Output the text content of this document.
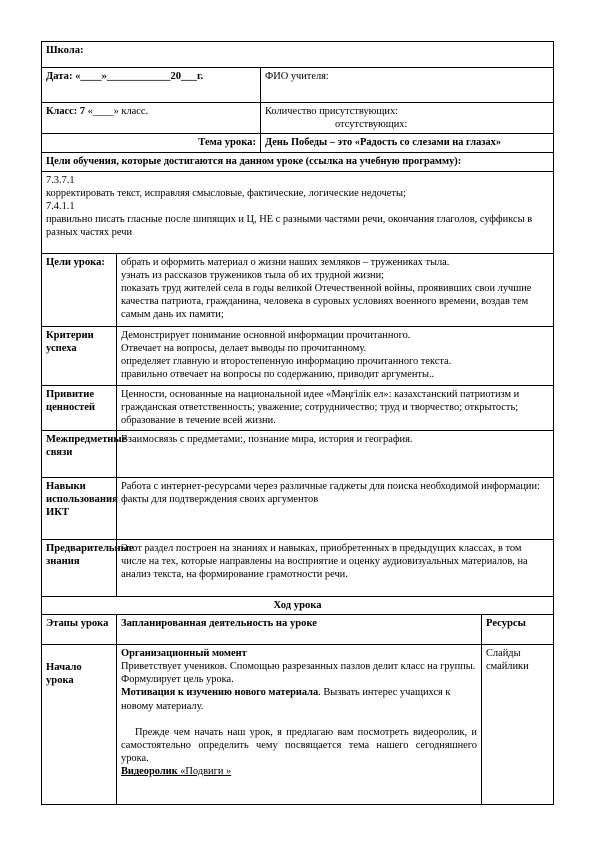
Школа:			
Дата: «____»____________20___г.		ФИО учителя:	
Класс: 7 «____» класс.		Количество присутствующих:
отсутствующих:	

Тема урока:		День Победы – это «Радость со слезами на глазах»	
Цели обучения, которые достигаются на данном уроке (ссылка на учебную программу):			

7.3.7.1
корректировать текст, исправляя смысловые, фактические, логические недочеты;
7.4.1.1
правильно писать гласные после шипящих и Ц, НЕ с разными частями речи, окончания глаголов, суффиксы в разных частях речи			

Цели урока:	обрать и оформить материал о жизни наших земляков – тружениках тыла.
узнать из рассказов тружеников тыла об их трудной жизни;
показать труд жителей села в годы великой Отечественной войны, проявивших свои лучшие качества патриота, гражданина, человека в суровых условиях военного времени, воздав тем самым дань их памяти;		

Критерии успеха	Демонстрирует понимание основной информации прочитанного.
Отвечает на вопросы, делает выводы по прочитанному.
определяет главную и второстепенную информацию прочитанного текста.
правильно отвечает на вопросы по содержанию, приводит аргументы..		

Привитие ценностей	Ценности, основанные на национальной идее «Мәңгілік ел»: казахстанский патриотизм и гражданская ответственность; уважение; сотрудничество; труд и творчество; открытость; образование в течение всей жизни.		
Межпредметные связи	Взаимосвязь с предметами:, познание мира, история и география.		
Навыки использования ИКТ	Работа с интернет-ресурсами через различные гаджеты для поиска необходимой информации: факты для подтверждения своих аргументов		
Предварительные знания	Этот раздел построен на знаниях и навыках, приобретенных в предыдущих классах, в том числе на тех, которые направлены на восприятие и оценку аудиовизуальных материалов, на анализ текста, на формирование грамотности речи.		
Ход урока			
Этапы урока	Запланированная деятельность на уроке		Ресурсы
Начало урока	Организационный момент
Приветствует учеников. Спомощью разрезанных пазлов делит класс на группы. Формулирует цель урока.
Мотивация к изучению нового материала. Вызвать интерес учащихся к новому материалу.
Прежде чем начать наш урок, я предлагаю вам посмотреть видеоролик, и самостоятельно определить чему посвящается тема нашего сегодняшнего урока.
Видеоролик «Подвиги »		Слайды смайлики
